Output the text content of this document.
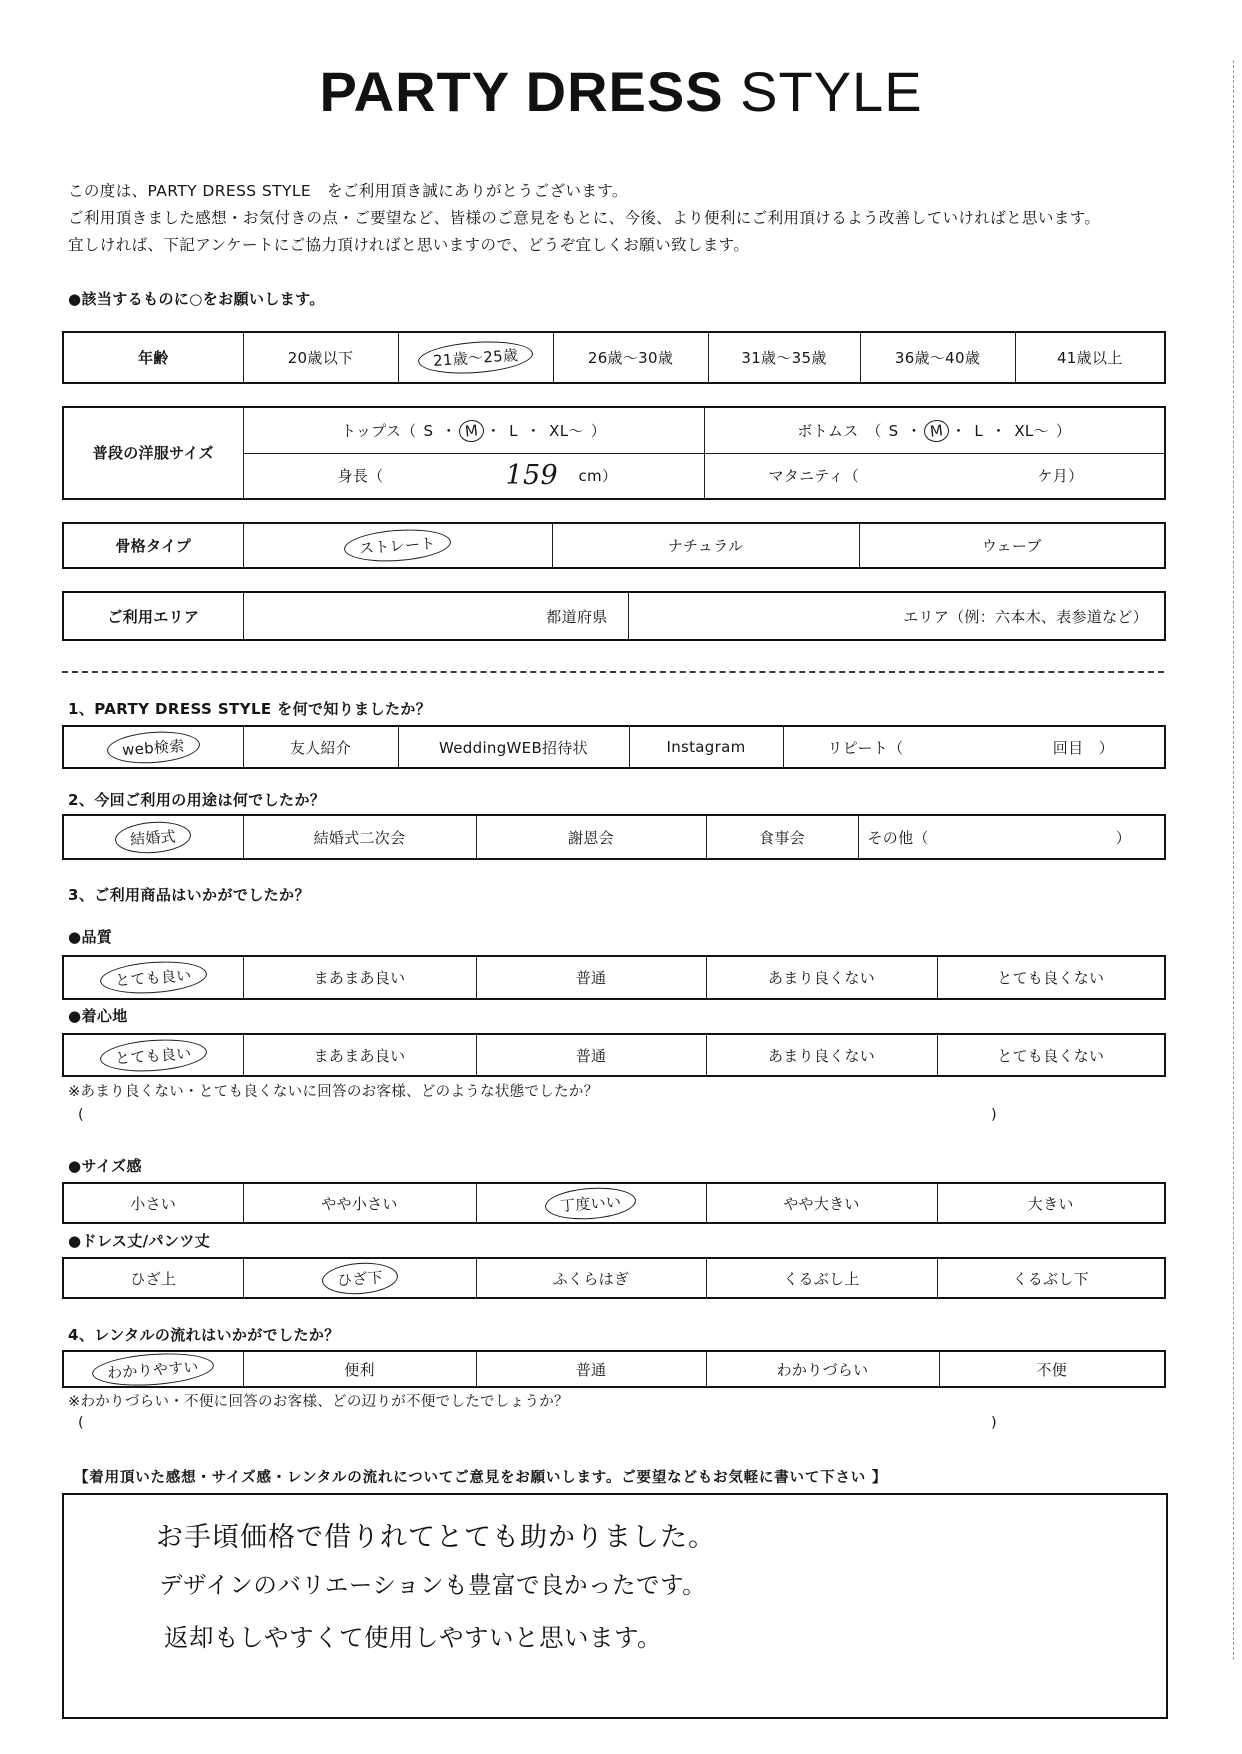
PARTY DRESS STYLE
この度は、PARTY DRESS STYLE　をご利用頂き誠にありがとうございます。
ご利用頂きました感想・お気付きの点・ご要望など、皆様のご意見をもとに、今後、より便利にご利用頂けるよう改善していければと思います。
宜しければ、下記アンケートにご協力頂ければと思いますので、どうぞ宜しくお願い致します。
●該当するものに○をお願いします。
年齢	20歳以下	21歳～25歳	26歳～30歳	31歳～35歳	36歳～40歳	41歳以上
普段の洋服サイズ	トップス（ S ・ M ・ L ・ XL～ ）	ボトムス　（ S ・ M ・ L ・ XL～ ）

身長（ 159 cm）	マタニティ（ ケ月）
骨格タイプ	ストレート	ナチュラル	ウェーブ
ご利用エリア	都道府県	エリア（例：六本木、表参道など）
1、PARTY DRESS STYLE を何で知りましたか？
web検索	友人紹介	WeddingWEB招待状	Instagram	リピート（	回目　）
2、今回ご利用の用途は何でしたか？
結婚式	結婚式二次会	謝恩会	食事会	その他（	）
3、ご利用商品はいかがでしたか？
●品質
とても良い	まあまあ良い	普通	あまり良くない	とても良くない
●着心地
とても良い	まあまあ良い	普通	あまり良くない	とても良くない
※あまり良くない・とても良くないに回答のお客様、どのような状態でしたか？
(	)
●サイズ感
小さい	やや小さい	丁度いい	やや大きい	大きい
●ドレス丈/パンツ丈
ひざ上	ひざ下	ふくらはぎ	くるぶし上	くるぶし下
4、レンタルの流れはいかがでしたか？
わかりやすい	便利	普通	わかりづらい	不便
※わかりづらい・不便に回答のお客様、どの辺りが不便でしたでしょうか？
(	)
【着用頂いた感想・サイズ感・レンタルの流れについてご意見をお願いします。ご要望などもお気軽に書いて下さい 】
お手頃価格で借りれてとても助かりました。
デザインのバリエーションも豊富で良かったです。
返却もしやすくて使用しやすいと思います。
